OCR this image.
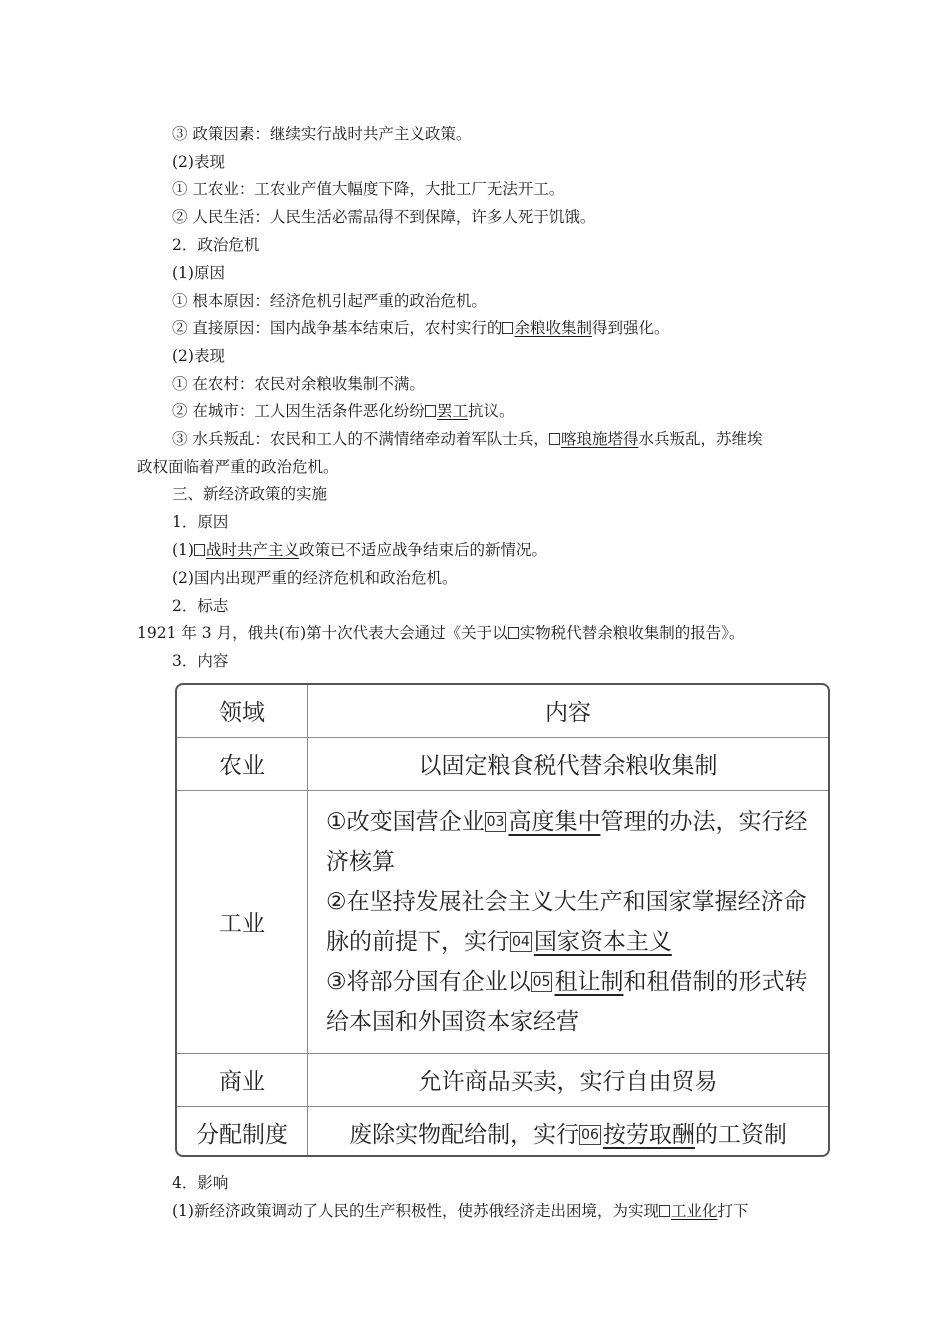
③ 政策因素：继续实行战时共产主义政策。
(2)表现
① 工农业：工农业产值大幅度下降，大批工厂无法开工。
② 人民生活：人民生活必需品得不到保障，许多人死于饥饿。
2．政治危机
(1)原因
① 根本原因：经济危机引起严重的政治危机。
② 直接原因：国内战争基本结束后，农村实行的 余粮收集制得到强化。
(2)表现
① 在农村：农民对余粮收集制不满。
② 在城市：工人因生活条件恶化纷纷 罢工抗议。
③ 水兵叛乱：农民和工人的不满情绪牵动着军队士兵， 喀琅施塔得水兵叛乱，苏维埃
政权面临着严重的政治危机。
三、新经济政策的实施
1．原因
(1) 战时共产主义政策已不适应战争结束后的新情况。
(2)国内出现严重的经济危机和政治危机。
2．标志
1921 年 3 月，俄共(布)第十次代表大会通过《关于以 实物税代替余粮收集制的报告》。
3．内容
领域	内容
农业	以固定粮食税代替余粮收集制
工业	①改变国营企业 03 高度集中管理的办法，实行经济核算
②在坚持发展社会主义大生产和国家掌握经济命脉的前提下，实行 04 国家资本主义
③将部分国有企业以 05 租让制和租借制的形式转给本国和外国资本家经营
商业	允许商品买卖，实行自由贸易
分配制度	废除实物配给制，实行 06 按劳取酬的工资制
4．影响
(1)新经济政策调动了人民的生产积极性，使苏俄经济走出困境，为实现 工业化打下
